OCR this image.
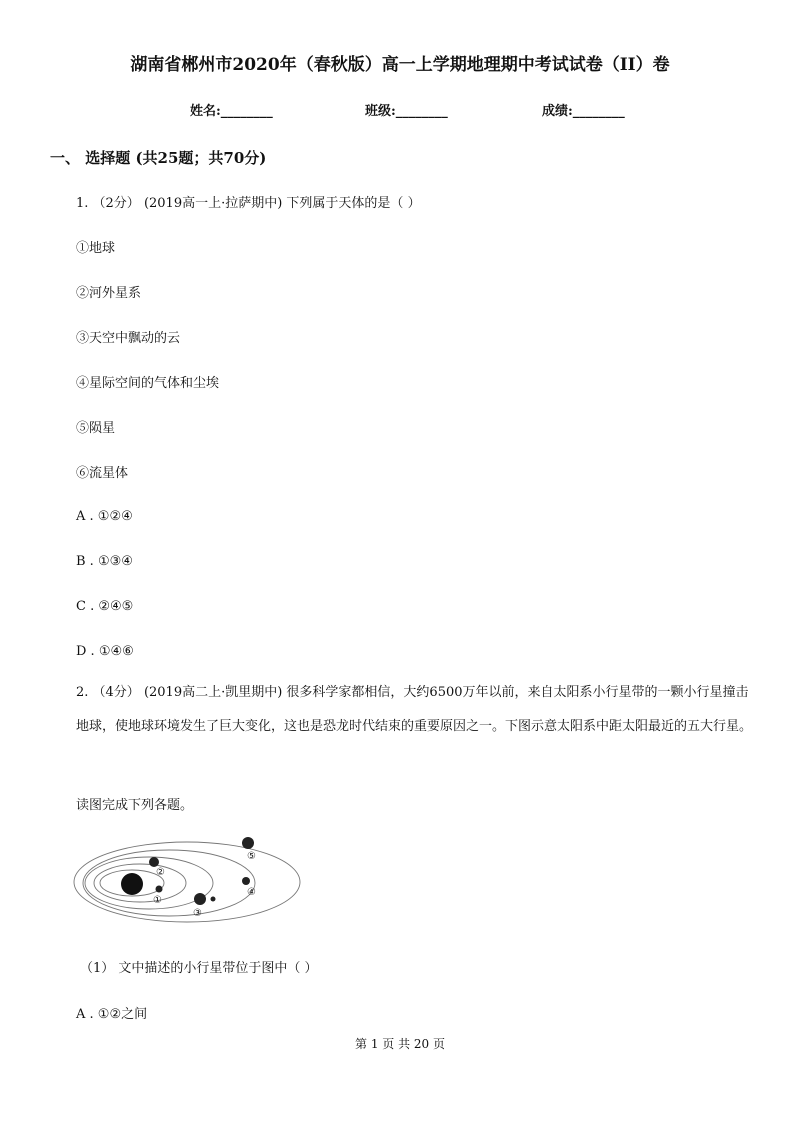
湖南省郴州市2020年（春秋版）高一上学期地理期中考试试卷（II）卷
姓名:________	班级:________	成绩:________
一、 选择题 (共25题；共70分)
1. （2分） (2019高一上·拉萨期中) 下列属于天体的是（ ）
①地球
②河外星系
③天空中飘动的云
④星际空间的气体和尘埃
⑤陨星
⑥流星体
A . ①②④
B . ①③④
C . ②④⑤
D . ①④⑥
2. （4分） (2019高二上·凯里期中) 很多科学家都相信，大约6500万年以前，来自太阳系小行星带的一颗小行星撞击地球，使地球环境发生了巨大变化，这也是恐龙时代结束的重要原因之一。下图示意太阳系中距太阳最近的五大行星。
读图完成下列各题。
①
②
③
④
⑤
（1） 文中描述的小行星带位于图中（ ）
A . ①②之间
第 1 页 共 20 页
